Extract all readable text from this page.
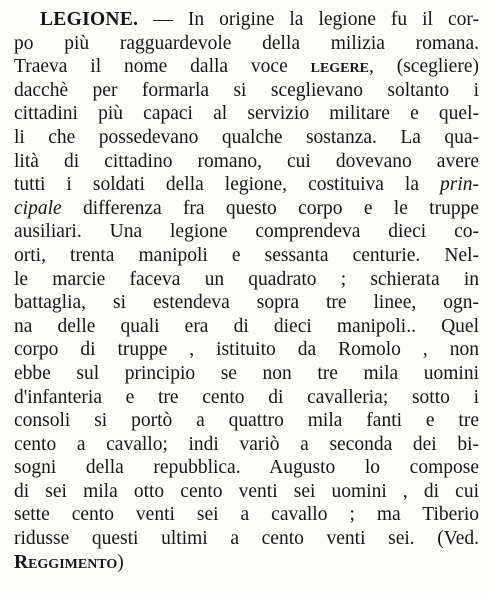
LEGIONE. — In origine la legione fu il cor-
po più ragguardevole della milizia romana.
Traeva il nome dalla voce legere, (scegliere)
dacchè per formarla si sceglievano soltanto i
cittadini più capaci al servizio militare e quel-
li che possedevano qualche sostanza. La qua-
lità di cittadino romano, cui dovevano avere
tutti i soldati della legione, costituiva la prin-
cipale differenza fra questo corpo e le truppe
ausiliari. Una legione comprendeva dieci co-
orti, trenta manipoli e sessanta centurie. Nel-
le marcie faceva un quadrato ; schierata in
battaglia, si estendeva sopra tre linee, ogn-
na delle quali era di dieci manipoli.. Quel
corpo di truppe , istituito da Romolo , non
ebbe sul principio se non tre mila uomini
d'infanteria e tre cento di cavalleria; sotto i
consoli si portò a quattro mila fanti e tre
cento a cavallo; indi variò a seconda dei bi-
sogni della repubblica. Augusto lo compose
di sei mila otto cento venti sei uomini , di cui
sette cento venti sei a cavallo ; ma Tiberio
ridusse questi ultimi a cento venti sei. (Ved.
Reggimento)
